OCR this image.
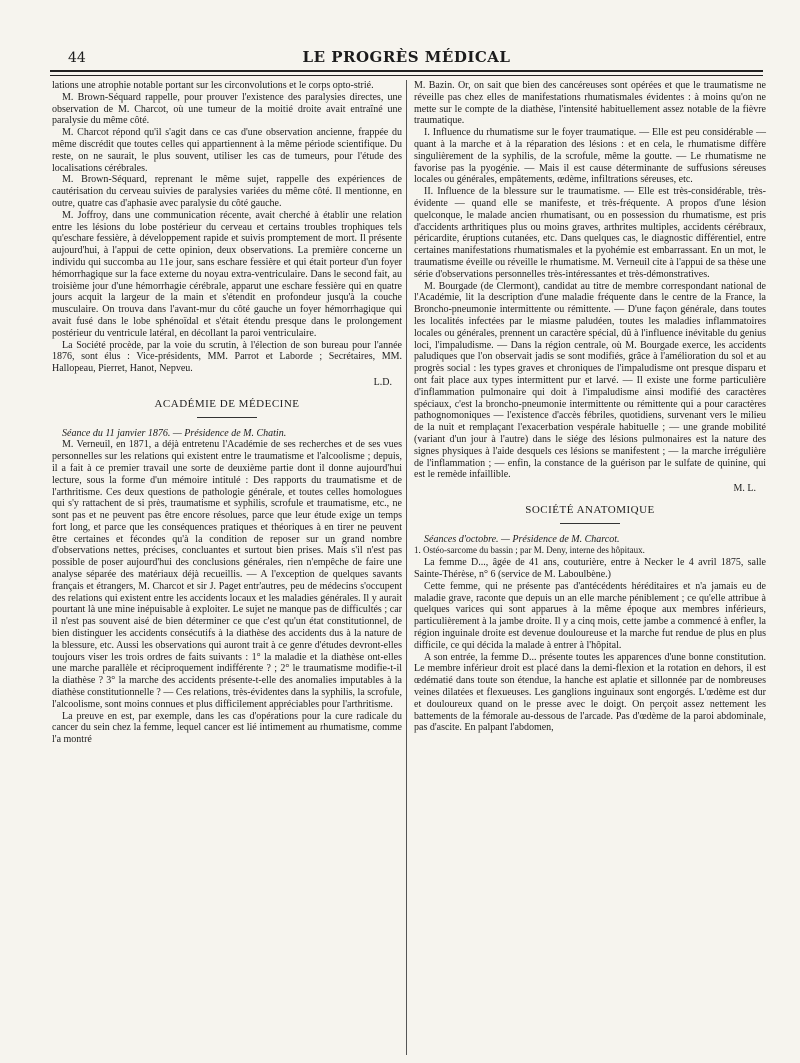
44	LE PROGRÈS MÉDICAL

lations une atrophie notable portant sur les circonvolutions et le corps opto-strié.

M. Brown-Séquard rappelle, pour prouver l'existence des paralysies directes, une observation de M. Charcot, où une tumeur de la moitié droite avait entraîné une paralysie du même côté.

M. Charcot répond qu'il s'agit dans ce cas d'une observation ancienne, frappée du même discrédit que toutes celles qui appartiennent à la même période scientifique. Du reste, on ne saurait, le plus souvent, utiliser les cas de tumeurs, pour l'étude des localisations cérébrales.

M. Brown-Séquard, reprenant le même sujet, rappelle des expériences de cautérisation du cerveau suivies de paralysies variées du même côté. Il mentionne, en outre, quatre cas d'aphasie avec paralysie du côté gauche.

M. Joffroy, dans une communication récente, avait cherché à établir une relation entre les lésions du lobe postérieur du cerveau et certains troubles trophiques tels qu'eschare fessière, à développement rapide et suivis promptement de mort. Il présente aujourd'hui, à l'appui de cette opinion, deux observations. La première concerne un individu qui succomba au 11e jour, sans eschare fessière et qui était porteur d'un foyer hémorrhagique sur la face externe du noyau extra-ventriculaire. Dans le second fait, au troisième jour d'une hémorrhagie cérébrale, apparut une eschare fessière qui en quatre jours acquit la largeur de la main et s'étendit en profondeur jusqu'à la couche musculaire. On trouva dans l'avant-mur du côté gauche un foyer hémorrhagique qui avait fusé dans le lobe sphénoïdal et s'était étendu presque dans le prolongement postérieur du ventricule latéral, en décollant la paroi ventriculaire.

La Société procède, par la voie du scrutin, à l'élection de son bureau pour l'année 1876, sont élus : Vice-présidents, MM. Parrot et Laborde ; Secrétaires, MM. Hallopeau, Pierret, Hanot, Nepveu.

L.D.
ACADÉMIE DE MÉDECINE

Séance du 11 janvier 1876. — Présidence de M. Chatin.

M. Verneuil, en 1871, a déjà entretenu l'Académie de ses recherches et de ses vues personnelles sur les relations qui existent entre le traumatisme et l'alcoolisme ; depuis, il a fait à ce premier travail une sorte de deuxième partie dont il donne aujourd'hui lecture, sous la forme d'un mémoire intitulé : Des rapports du traumatisme et de l'arthritisme. Ces deux questions de pathologie générale, et toutes celles homologues qui s'y rattachent de si près, traumatisme et syphilis, scrofule et traumatisme, etc., ne sont pas et ne peuvent pas être encore résolues, parce que leur étude exige un temps fort long, et parce que les conséquences pratiques et théoriques à en tirer ne peuvent être certaines et fécondes qu'à la condition de reposer sur un grand nombre d'observations nettes, précises, concluantes et surtout bien prises. Mais s'il n'est pas possible de poser aujourd'hui des conclusions générales, rien n'empêche de faire une analyse séparée des matériaux déjà recueillis. — A l'exception de quelques savants français et étrangers, M. Charcot et sir J. Paget entr'autres, peu de médecins s'occupent des relations qui existent entre les accidents locaux et les maladies générales. Il y aurait pourtant là une mine inépuisable à exploiter. Le sujet ne manque pas de difficultés ; car il n'est pas souvent aisé de bien déterminer ce que c'est qu'un état constitutionnel, de bien distinguer les accidents consécutifs à la diathèse des accidents dus à la nature de la blessure, etc. Aussi les observations qui auront trait à ce genre d'études devront-elles toujours viser les trois ordres de faits suivants : 1° la maladie et la diathèse ont-elles une marche parallèle et réciproquement indifférente ? ; 2° le traumatisme modifie-t-il la diathèse ? 3° la marche des accidents présente-t-elle des anomalies imputables à la diathèse constitutionnelle ? — Ces relations, très-évidentes dans la syphilis, la scrofule, l'alcoolisme, sont moins connues et plus difficilement appréciables pour l'arthritisme.

La preuve en est, par exemple, dans les cas d'opérations pour la cure radicale du cancer du sein chez la femme, lequel cancer est lié intimement au rhumatisme, comme l'a montré

M. Bazin. Or, on sait que bien des cancéreuses sont opérées et que le traumatisme ne réveille pas chez elles de manifestations rhumatismales évidentes : à moins qu'on ne mette sur le compte de la diathèse, l'intensité habituellement assez notable de la fièvre traumatique.

I. Influence du rhumatisme sur le foyer traumatique. — Elle est peu considérable — quant à la marche et à la réparation des lésions : et en cela, le rhumatisme diffère singulièrement de la syphilis, de la scrofule, même la goutte. — Le rhumatisme ne favorise pas la pyogénie. — Mais il est cause déterminante de suffusions séreuses locales ou générales, empâtements, œdème, infiltrations séreuses, etc.

II. Influence de la blessure sur le traumatisme. — Elle est très-considérable, très-évidente — quand elle se manifeste, et très-fréquente. A propos d'une lésion quelconque, le malade ancien rhumatisant, ou en possession du rhumatisme, est pris d'accidents arthritiques plus ou moins graves, arthrites multiples, accidents cérébraux, péricardite, éruptions cutanées, etc. Dans quelques cas, le diagnostic différentiel, entre certaines manifestations rhumatismales et la pyohémie est embarrassant. En un mot, le traumatisme éveille ou réveille le rhumatisme. M. Verneuil cite à l'appui de sa thèse une série d'observations personnelles très-intéressantes et très-démonstratives.

M. Bourgade (de Clermont), candidat au titre de membre correspondant national de l'Académie, lit la description d'une maladie fréquente dans le centre de la France, la Broncho-pneumonie intermittente ou rémittente. — D'une façon générale, dans toutes les localités infectées par le miasme paludéen, toutes les maladies inflammatoires locales ou générales, prennent un caractère spécial, dû à l'influence inévitable du genius loci, l'impaludisme. — Dans la région centrale, où M. Bourgade exerce, les accidents paludiques que l'on observait jadis se sont modifiés, grâce à l'amélioration du sol et au progrès social : les types graves et chroniques de l'impaludisme ont presque disparu et ont fait place aux types intermittent pur et larvé. — Il existe une forme particulière d'inflammation pulmonaire qui doit à l'impaludisme ainsi modifié des caractères spéciaux, c'est la broncho-pneumonie intermittente ou rémittente qui a pour caractères pathognomoniques — l'existence d'accès fébriles, quotidiens, survenant vers le milieu de la nuit et remplaçant l'exacerbation vespérale habituelle ; — une grande mobilité (variant d'un jour à l'autre) dans le siége des lésions pulmonaires est la nature des signes physiques à l'aide desquels ces lésions se manifestent ; — la marche irrégulière de l'inflammation ; — enfin, la constance de la guérison par le sulfate de quinine, qui est le remède infaillible.

M. L.
SOCIÉTÉ ANATOMIQUE

Séances d'octobre. — Présidence de M. Charcot.

1. Ostéo-sarcome du bassin ; par M. Deny, interne des hôpitaux.

La femme D..., âgée de 41 ans, couturière, entre à Necker le 4 avril 1875, salle Sainte-Thérèse, n° 6 (service de M. Laboulbène.)

Cette femme, qui ne présente pas d'antécédents héréditaires et n'a jamais eu de maladie grave, raconte que depuis un an elle marche péniblement ; ce qu'elle attribue à quelques varices qui sont apparues à la même époque aux membres inférieurs, particulièrement à la jambe droite. Il y a cinq mois, cette jambe a commencé à enfler, la région inguinale droite est devenue douloureuse et la marche fut rendue de plus en plus difficile, ce qui décida la malade à entrer à l'hôpital.

A son entrée, la femme D... présente toutes les apparences d'une bonne constitution. Le membre inférieur droit est placé dans la demi-flexion et la rotation en dehors, il est œdématié dans toute son étendue, la hanche est aplatie et sillonnée par de nombreuses veines dilatées et flexueuses. Les ganglions inguinaux sont engorgés. L'œdème est dur et douloureux quand on le presse avec le doigt. On perçoit assez nettement les battements de la fémorale au-dessous de l'arcade. Pas d'œdème de la paroi abdominale, pas d'ascite. En palpant l'abdomen,
